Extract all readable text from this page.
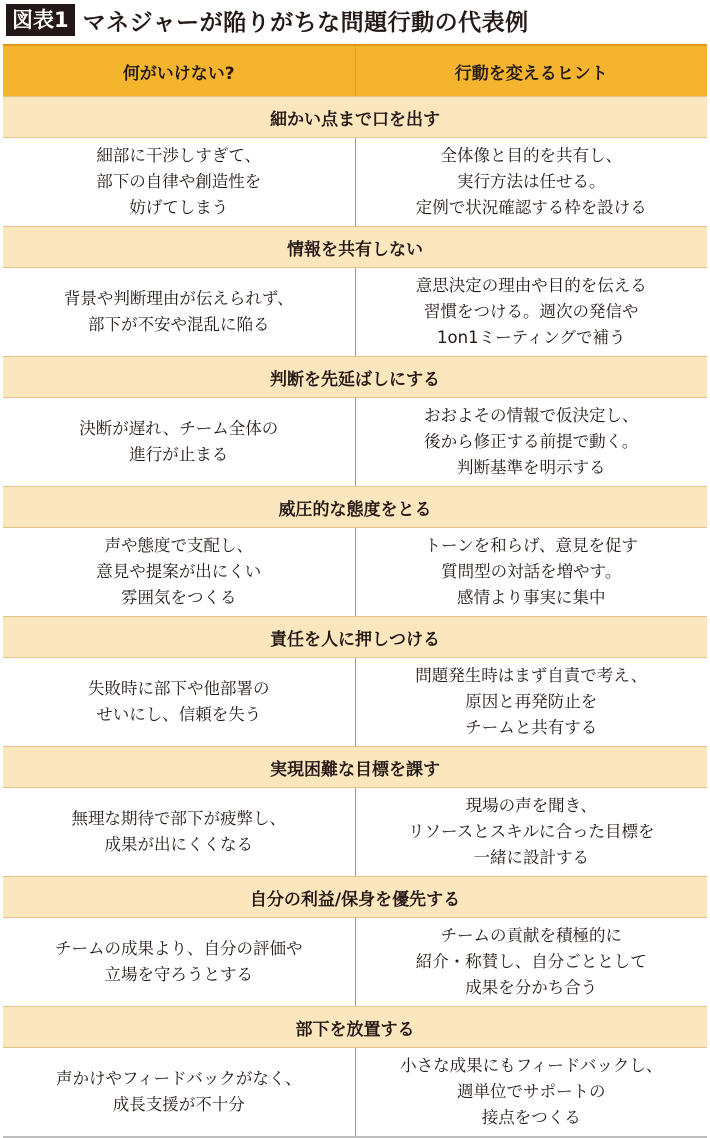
図表1 マネジャーが陥りがちな問題行動の代表例
何がいけない?	行動を変えるヒント
細かい点まで口を出す
細部に干渉しすぎて、
部下の自律や創造性を
妨げてしまう
全体像と目的を共有し、
実行方法は任せる。
定例で状況確認する枠を設ける
情報を共有しない
背景や判断理由が伝えられず、
部下が不安や混乱に陥る
意思決定の理由や目的を伝える
習慣をつける。週次の発信や
1on1ミーティングで補う
判断を先延ばしにする
決断が遅れ、チーム全体の
進行が止まる
おおよその情報で仮決定し、
後から修正する前提で動く。
判断基準を明示する
威圧的な態度をとる
声や態度で支配し、
意見や提案が出にくい
雰囲気をつくる
トーンを和らげ、意見を促す
質問型の対話を増やす。
感情より事実に集中
責任を人に押しつける
失敗時に部下や他部署の
せいにし、信頼を失う
問題発生時はまず自責で考え、
原因と再発防止を
チームと共有する
実現困難な目標を課す
無理な期待で部下が疲弊し、
成果が出にくくなる
現場の声を聞き、
リソースとスキルに合った目標を
一緒に設計する
自分の利益/保身を優先する
チームの成果より、自分の評価や
立場を守ろうとする
チームの貢献を積極的に
紹介・称賛し、自分ごととして
成果を分かち合う
部下を放置する
声かけやフィードバックがなく、
成長支援が不十分
小さな成果にもフィードバックし、
週単位でサポートの
接点をつくる
